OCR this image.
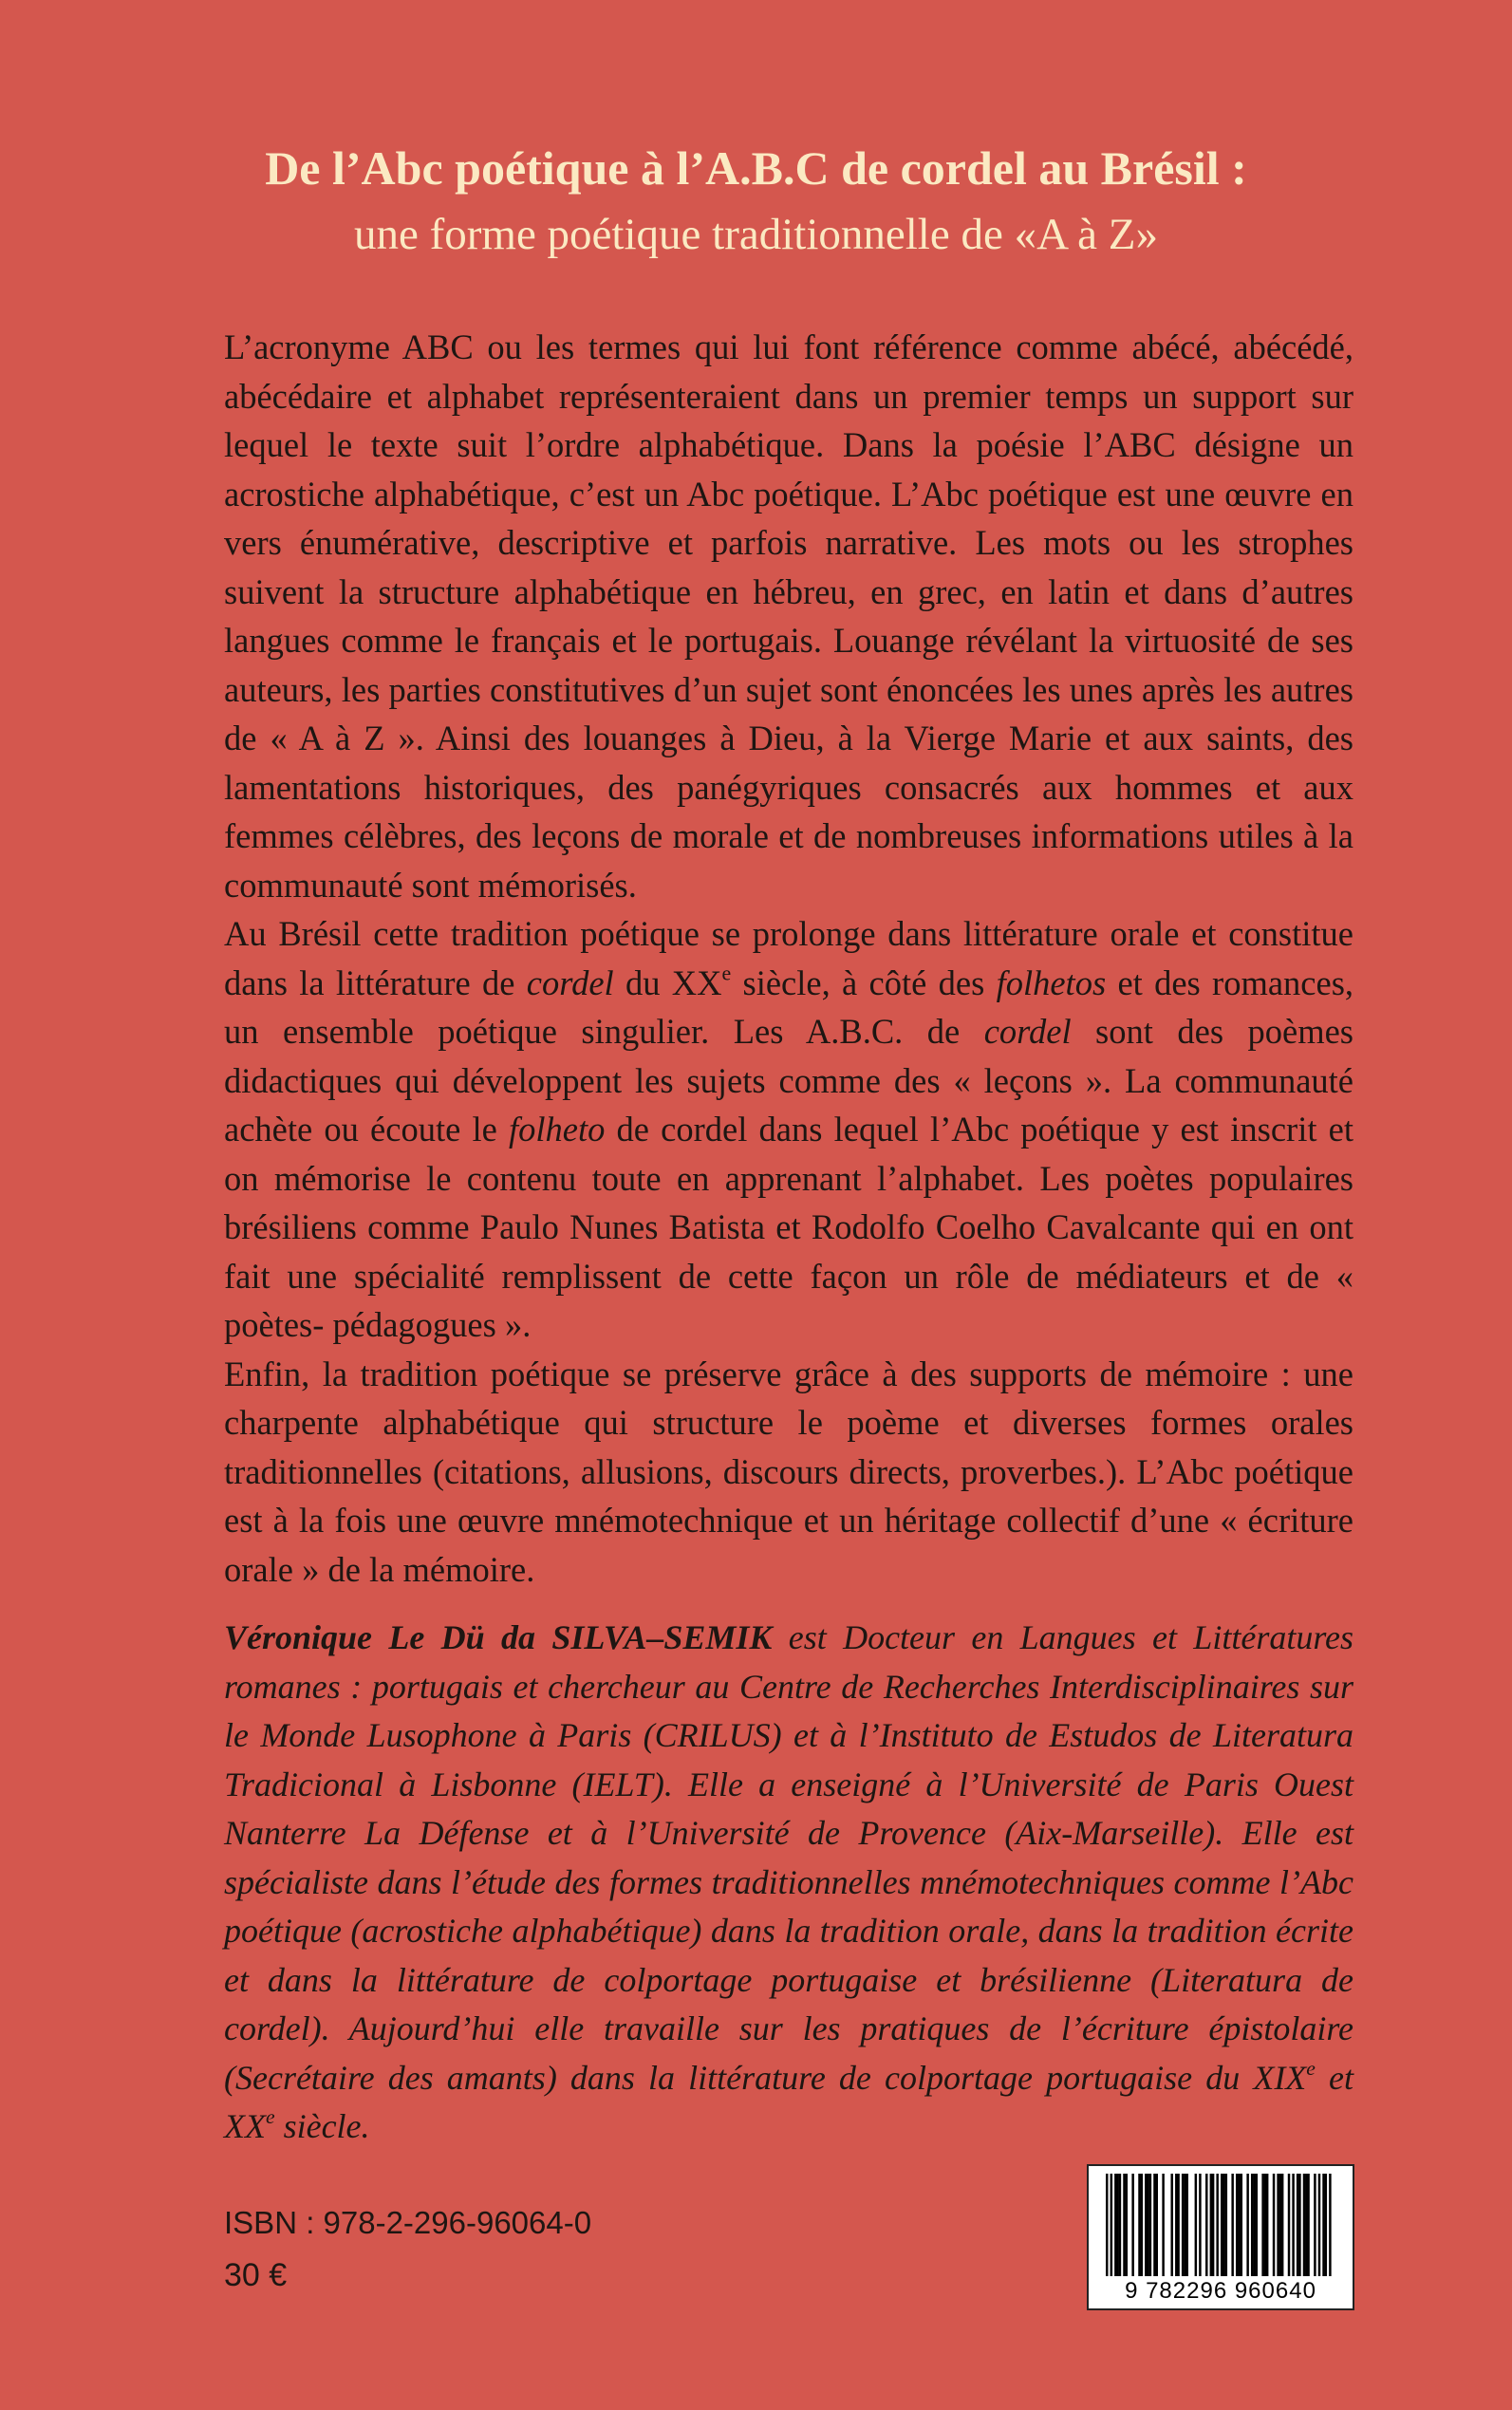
De l’Abc poétique à l’A.B.C de cordel au Brésil :
une forme poétique traditionnelle de «A à Z»

L’acronyme ABC ou les termes qui lui font référence comme abécé, abécédé, abécédaire et alphabet représenteraient dans un premier temps un support sur lequel le texte suit l’ordre alphabétique. Dans la poésie l’ABC désigne un acrostiche alphabétique, c’est un Abc poétique. L’Abc poétique est une œuvre en vers énumérative, descriptive et parfois narrative. Les mots ou les strophes suivent la structure alphabétique en hébreu, en grec, en latin et dans d’autres langues comme le français et le portugais. Louange révélant la virtuosité de ses auteurs, les parties constitutives d’un sujet sont énoncées les unes après les autres de « A à Z ». Ainsi des louanges à Dieu, à la Vierge Marie et aux saints, des lamentations historiques, des panégyriques consacrés aux hommes et aux femmes célèbres, des leçons de morale et de nombreuses informations utiles à la communauté sont mémorisés.

Au Brésil cette tradition poétique se prolonge dans littérature orale et constitue dans la littérature de cordel du XXe siècle, à côté des folhetos et des romances, un ensemble poétique singulier. Les A.B.C. de cordel sont des poèmes didactiques qui développent les sujets comme des « leçons ». La communauté achète ou écoute le folheto de cordel dans lequel l’Abc poétique y est inscrit et on mémorise le contenu toute en apprenant l’alphabet. Les poètes populaires brésiliens comme Paulo Nunes Batista et Rodolfo Coelho Cavalcante qui en ont fait une spécialité remplissent de cette façon un rôle de médiateurs et de « poètes- pédagogues ».

Enfin, la tradition poétique se préserve grâce à des supports de mémoire : une charpente alphabétique qui structure le poème et diverses formes orales traditionnelles (citations, allusions, discours directs, proverbes.). L’Abc poétique est à la fois une œuvre mnémotechnique et un héritage collectif d’une « écriture orale » de la mémoire.

Véronique Le Dü da SILVA–SEMIK est Docteur en Langues et Littératures romanes : portugais et chercheur au Centre de Recherches Interdisciplinaires sur le Monde Lusophone à Paris (CRILUS) et à l’Instituto de Estudos de Literatura Tradicional à Lisbonne (IELT). Elle a enseigné à l’Université de Paris Ouest Nanterre La Défense et à l’Université de Provence (Aix-Marseille). Elle est spécialiste dans l’étude des formes traditionnelles mnémotechniques comme l’Abc poétique (acrostiche alphabétique) dans la tradition orale, dans la tradition écrite et dans la littérature de colportage portugaise et brésilienne (Literatura de cordel). Aujourd’hui elle travaille sur les pratiques de l’écriture épistolaire (Secrétaire des amants) dans la littérature de colportage portugaise du XIXe et XXe siècle.
ISBN : 978-2-296-96064-0
30 €	9 782296 960640
